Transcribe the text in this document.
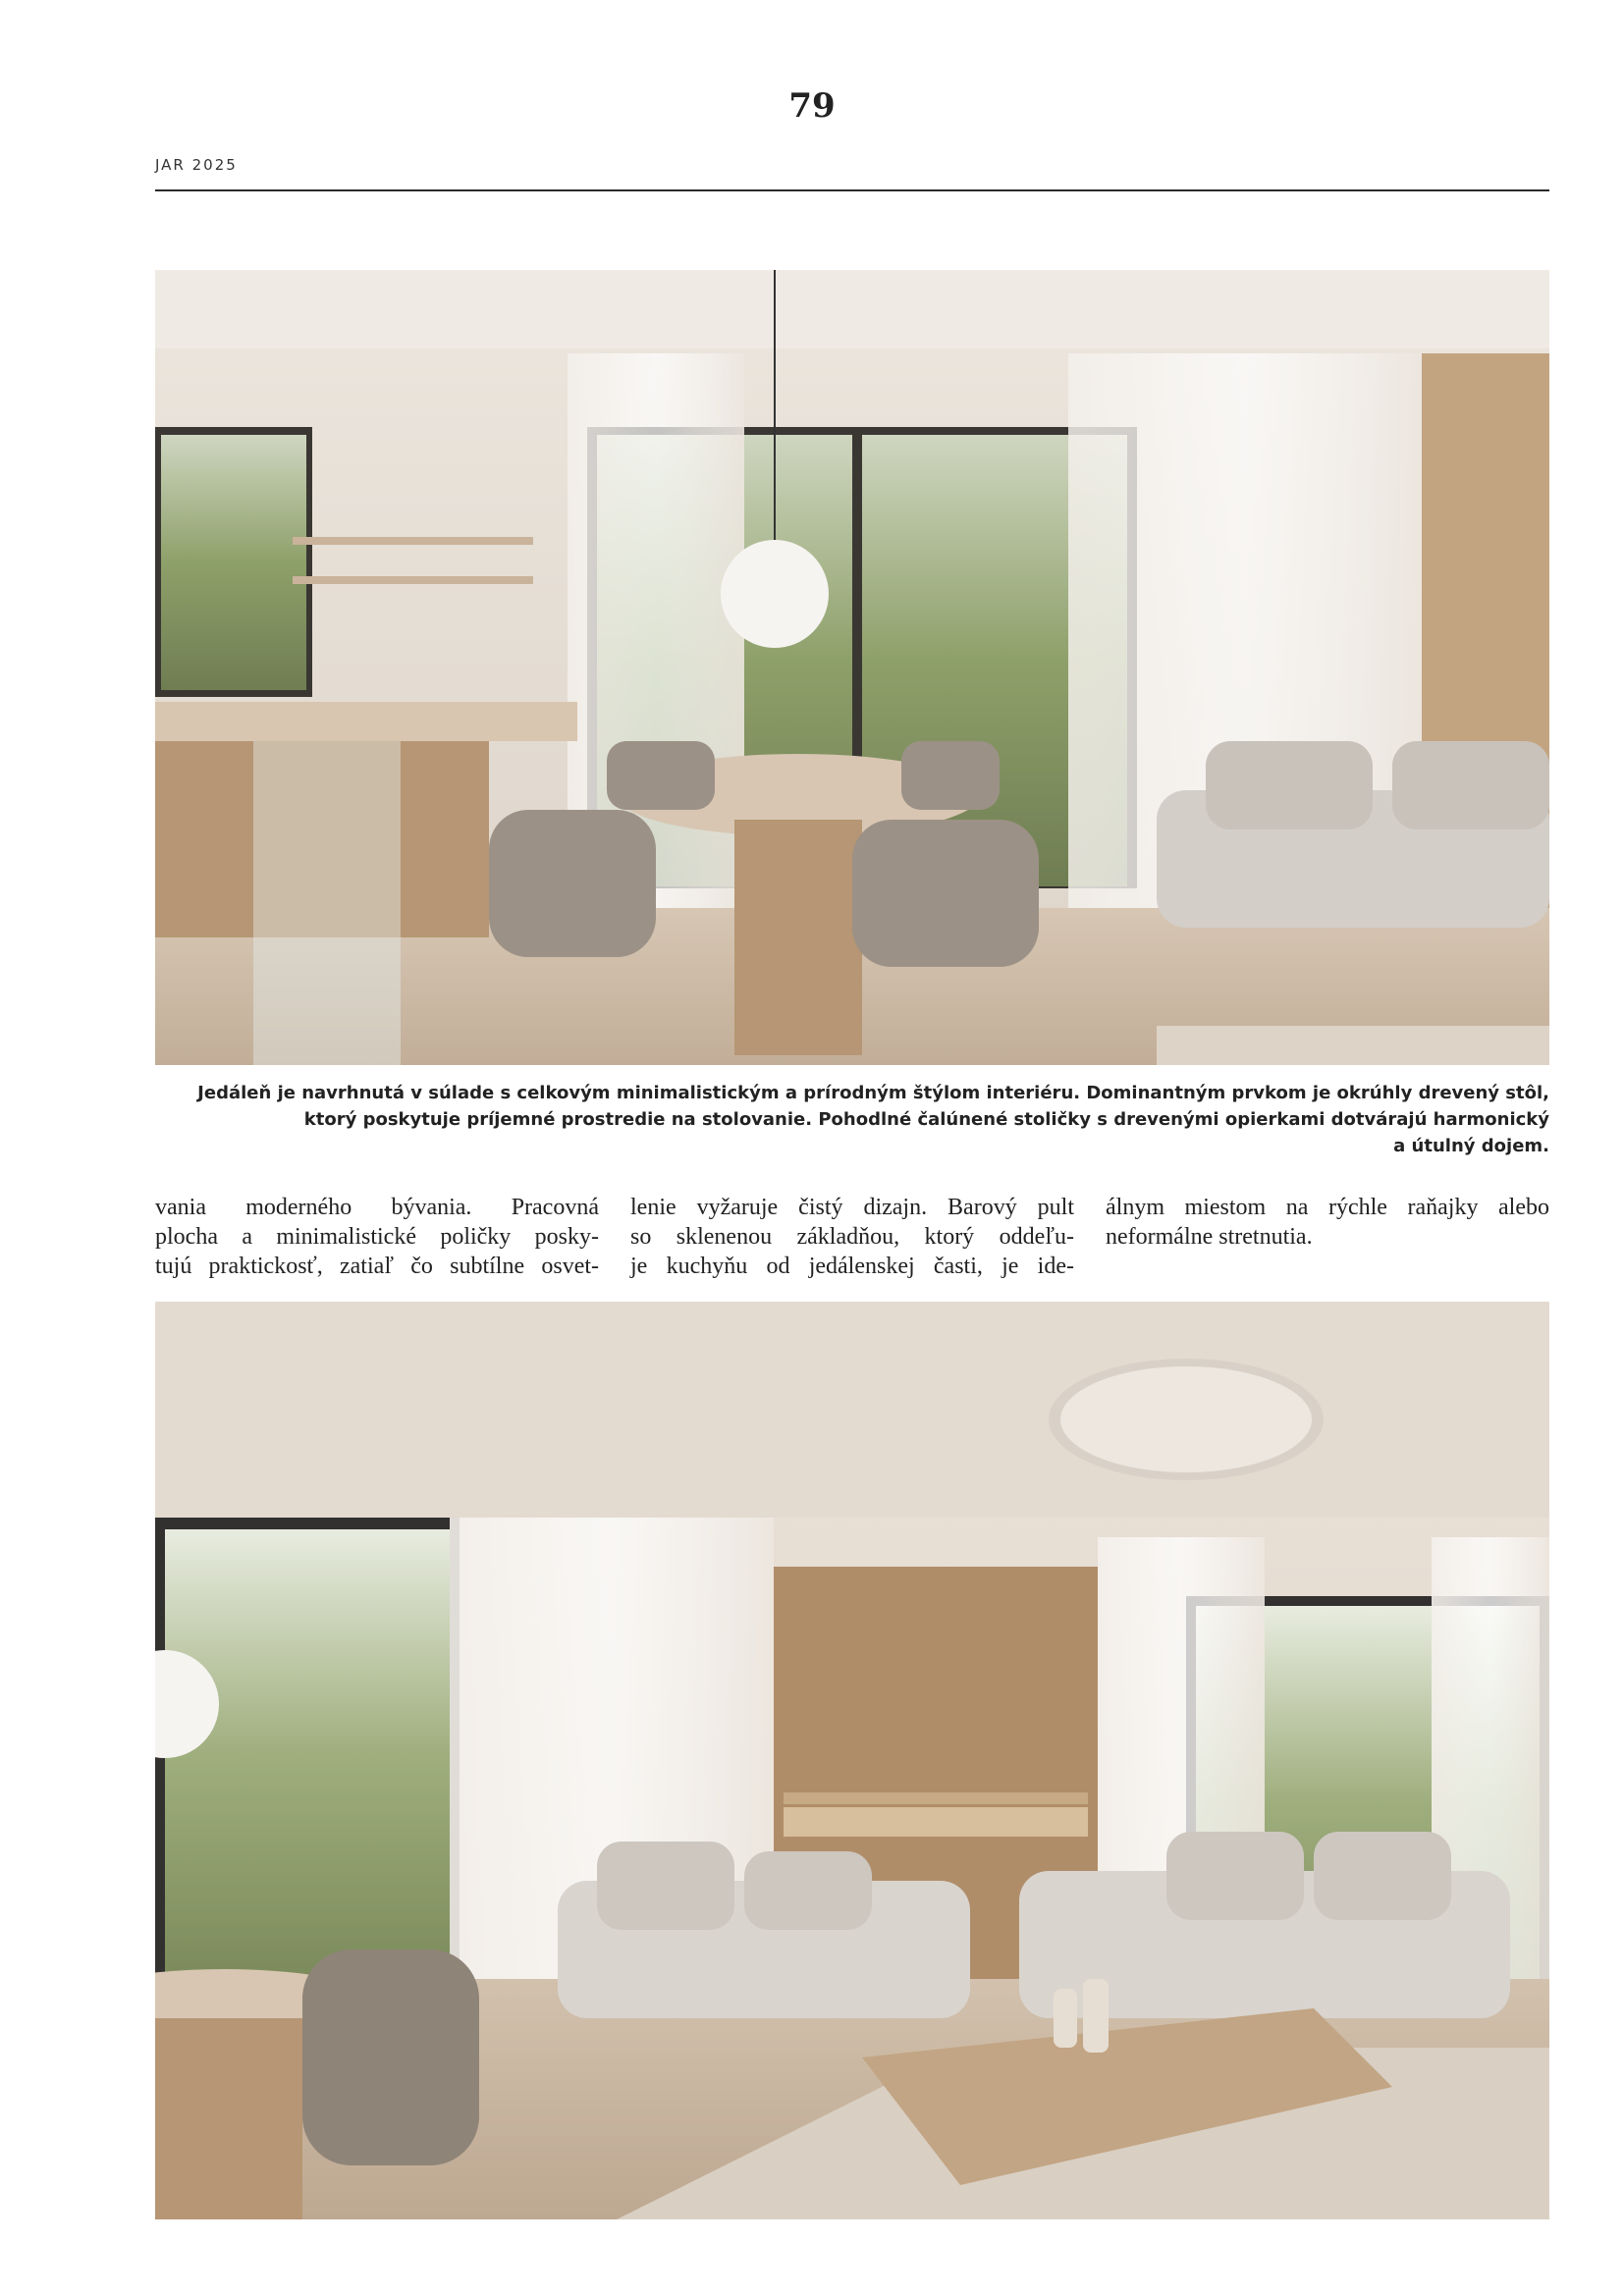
79
JAR 2025
Jedáleň je navrhnutá v súlade s celkovým minimalistickým a prírodným štýlom interiéru. Dominantným prvkom je okrúhly drevený stôl,
ktorý poskytuje príjemné prostredie na stolovanie. Pohodlné čalúnené stoličky s drevenými opierkami dotvárajú harmonický
a útulný dojem.
vania moderného bývania. Pracovná
plocha a minimalistické poličky posky-
tujú praktickosť, zatiaľ čo subtílne osvet-
lenie vyžaruje čistý dizajn. Barový pult
so sklenenou základňou, ktorý oddeľu-
je kuchyňu od jedálenskej časti, je ide-
álnym miestom na rýchle raňajky alebo
neformálne stretnutia.
